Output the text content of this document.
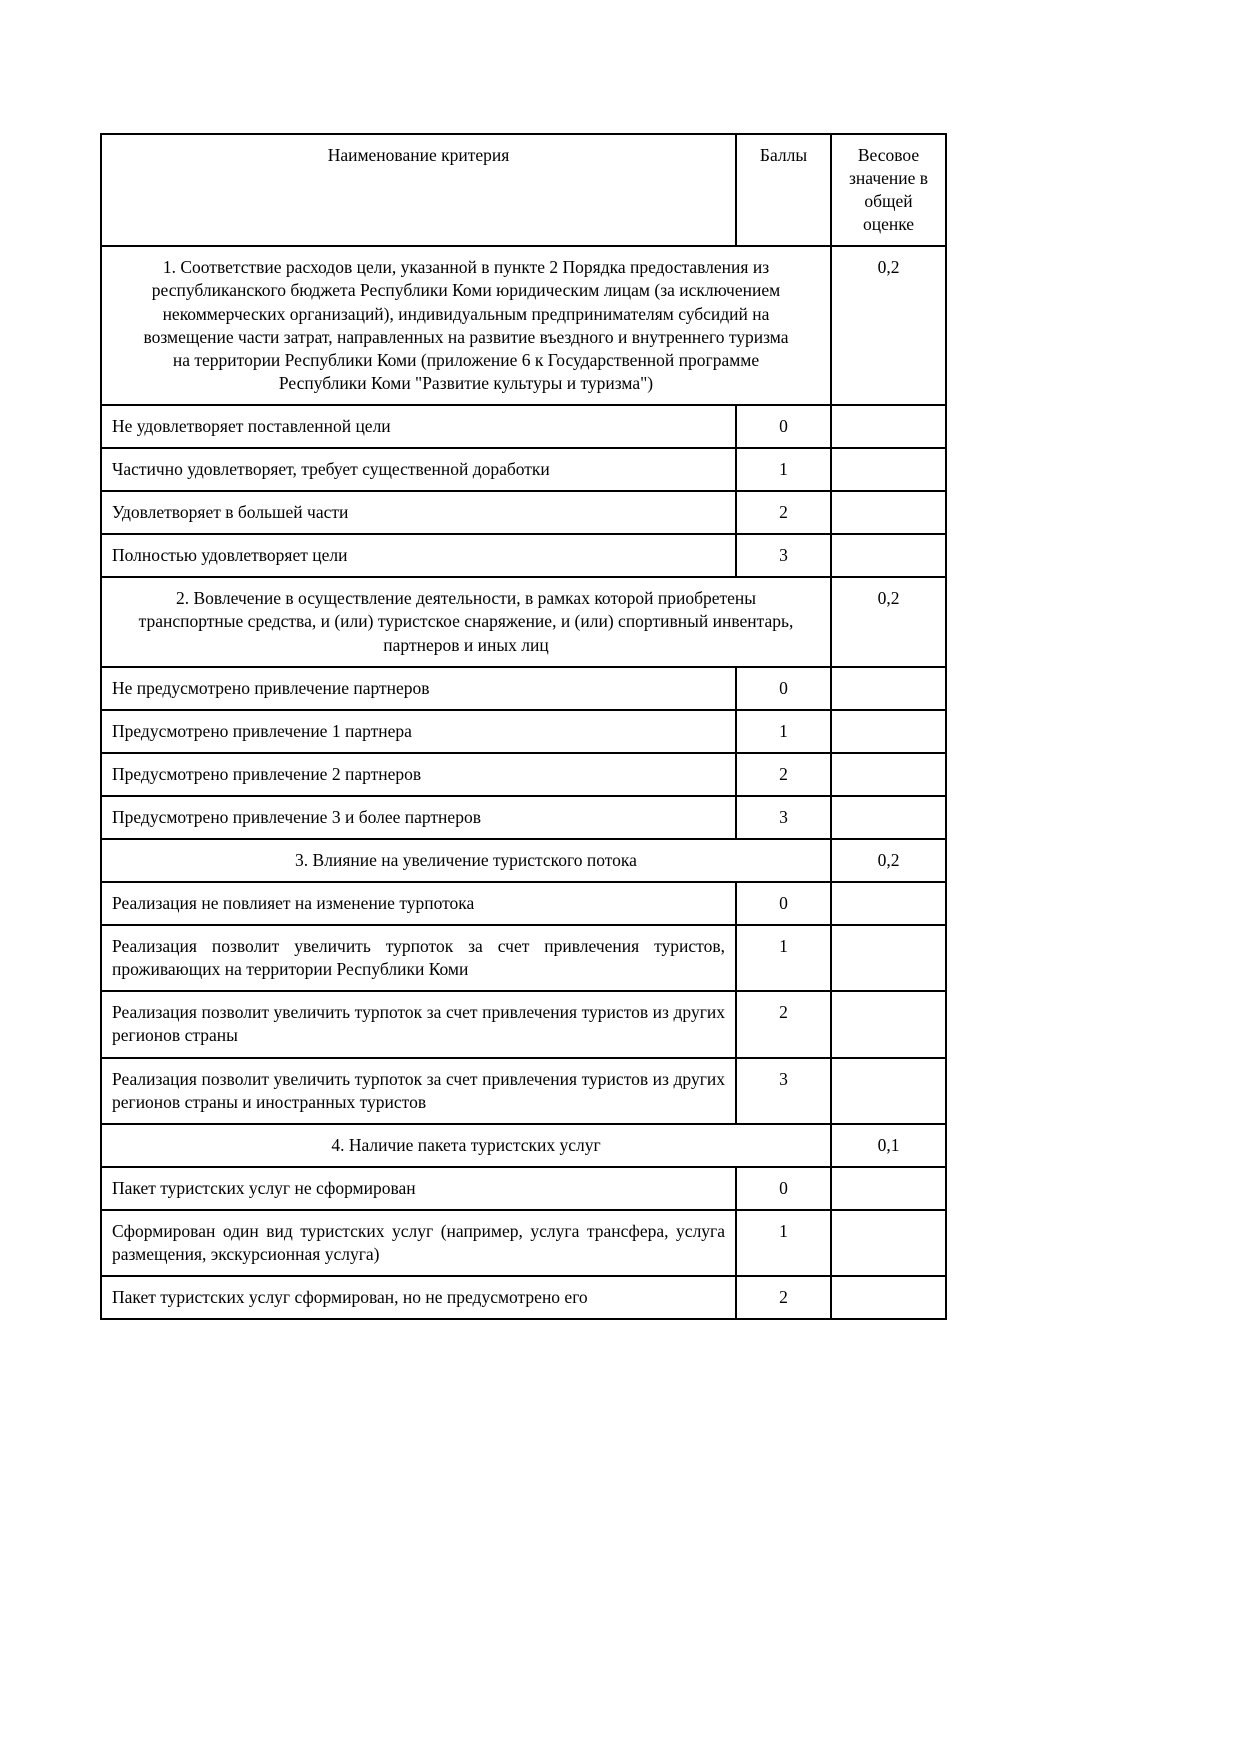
Наименование критерия	Баллы	Весовое значение в общей оценке
1. Соответствие расходов цели, указанной в пункте 2 Порядка предоставления из республиканского бюджета Республики Коми юридическим лицам (за исключением некоммерческих организаций), индивидуальным предпринимателям субсидий на возмещение части затрат, направленных на развитие въездного и внутреннего туризма на территории Республики Коми (приложение 6 к Государственной программе Республики Коми "Развитие культуры и туризма")		0,2
Не удовлетворяет поставленной цели	0	
Частично удовлетворяет, требует существенной доработки	1	
Удовлетворяет в большей части	2	
Полностью удовлетворяет цели	3	
2. Вовлечение в осуществление деятельности, в рамках которой приобретены транспортные средства, и (или) туристское снаряжение, и (или) спортивный инвентарь, партнеров и иных лиц		0,2
Не предусмотрено привлечение партнеров	0	
Предусмотрено привлечение 1 партнера	1	
Предусмотрено привлечение 2 партнеров	2	
Предусмотрено привлечение 3 и более партнеров	3	
3. Влияние на увеличение туристского потока		0,2
Реализация не повлияет на изменение турпотока	0	
Реализация позволит увеличить турпоток за счет привлечения туристов, проживающих на территории Республики Коми	1	
Реализация позволит увеличить турпоток за счет привлечения туристов из других регионов страны	2	
Реализация позволит увеличить турпоток за счет привлечения туристов из других регионов страны и иностранных туристов	3	
4. Наличие пакета туристских услуг		0,1
Пакет туристских услуг не сформирован	0	
Сформирован один вид туристских услуг (например, услуга трансфера, услуга размещения, экскурсионная услуга)	1	
Пакет туристских услуг сформирован, но не предусмотрено его	2	
